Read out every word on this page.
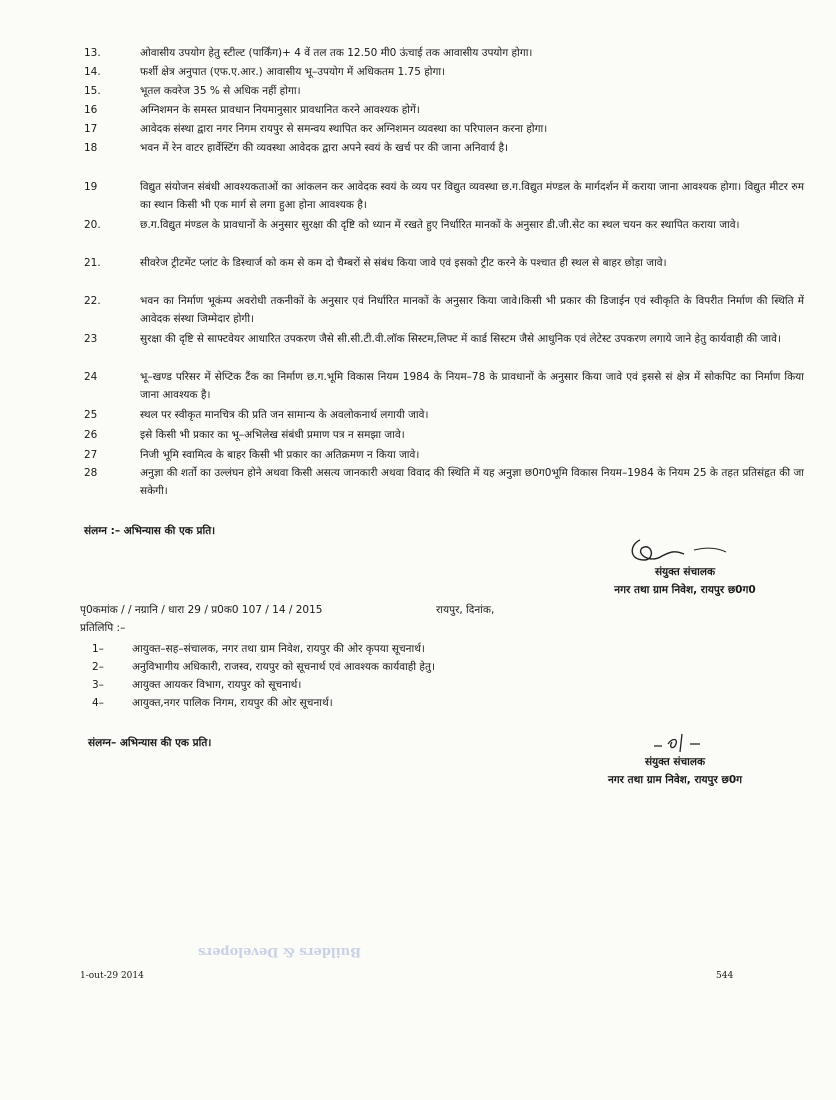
13.	ओवासीय उपयोग हेतु स्टील्ट (पार्किंग)+ 4 वें तल तक 12.50 मी0 ऊंचाई तक आवासीय उपयोग होगा।
14.	फर्शी क्षेत्र अनुपात (एफ.ए.आर.) आवासीय भू–उपयोग में अधिकतम 1.75 होगा।
15.	भूतल कवरेज 35 % से अधिक नहीं होगा।
16	अग्निशमन के समस्त प्रावधान नियमानुसार प्रावधानित करने आवश्यक होगें।
17	आवेदक संस्था द्वारा नगर निगम रायपुर से समन्वय स्थापित कर अग्निशमन व्यवस्था का परिपालन करना होगा।
18	भवन में रेन वाटर हार्वेस्टिंग की व्यवस्था आवेदक द्वारा अपने स्वयं के खर्च पर की जाना अनिवार्य है।
19	विद्युत संयोजन संबंधी आवश्यकताओं का आंकलन कर आवेदक स्वयं के व्यय पर विद्युत व्यवस्था छ.ग.विद्युत मंण्डल के मार्गदर्शन में कराया जाना आवश्यक होगा। विद्युत मीटर रुम का स्थान किसी भी एक मार्ग से लगा हुआ होना आवश्यक है।
20.	छ.ग.विद्युत मंण्डल के प्रावधानों के अनुसार सुरक्षा की दृष्टि को ध्यान में रखते हुए निर्धारित मानकों के अनुसार डी.जी.सेट का स्थल चयन कर स्थापित कराया जावे।
21.	सीवरेज ट्रीटमेंट प्लांट के डिस्चार्ज को कम से कम दो चैम्बरों से संबंध किया जावे एवं इसको ट्रीट करने के पश्चात ही स्थल से बाहर छोड़ा जावे।
22.	भवन का निर्माण भूकंम्प अवरोधी तकनीकों के अनुसार एवं निर्धारित मानकों के अनुसार किया जावे।किसी भी प्रकार की डिजाईन एवं स्वीकृति के विपरीत निर्माण की स्थिति में आवेदक संस्था जिम्मेदार होगी।
23	सुरक्षा की दृष्टि से साफ्टवेयर आधारित उपकरण जैसे सी.सी.टी.वी.लॉक सिस्टम,लिफ्ट में कार्ड सिस्टम जैसे आधुनिक एवं लेटेस्ट उपकरण लगाये जाने हेतु कार्यवाही की जावे।
24	भू–खण्ड परिसर में सेप्टिक टैंक का निर्माण छ.ग.भूमि विकास नियम 1984 के नियम–78 के प्रावधानों के अनुसार किया जावे एवं इससे सं क्षेत्र में सोकपिट का निर्माण किया जाना आवश्यक है।
25	स्थल पर स्वीकृत मानचित्र की प्रति जन सामान्य के अवलोकनार्थ लगायी जावे।
26	इसे किसी भी प्रकार का भू–अभिलेख संबंधी प्रमाण पत्र न समझा जावे।
27	निजी भूमि स्वामित्व के बाहर किसी भी प्रकार का अतिक्रमण न किया जावे।
28	अनुज्ञा की शर्तो का उल्लंघन होने अथवा किसी असत्य जानकारी अथवा विवाद की स्थिति में यह अनुज्ञा छ0ग0भूमि विकास नियम–1984 के नियम 25 के तहत प्रतिसंहृत की जा सकेगी।
संलग्न :– अभिन्यास की एक प्रति।
संयुक्त संचालक
नगर तथा ग्राम निवेश, रायपुर छ0ग0
पृ0कमांक / / नग्रानि / धारा 29 / प्र0क0 107 / 14 / 2015	रायपुर, दिनांक,
प्रतिलिपि :–
1–	आयुक्त–सह–संचालक, नगर तथा ग्राम निवेश, रायपुर की ओर कृपया सूचनार्थ।
2–	अनुविभागीय अधिकारी, राजस्व, रायपुर को सूचनार्थ एवं आवश्यक कार्यवाही हेतु।
3–	आयुक्त आयकर विभाग, रायपुर को सूचनार्थ।
4–	आयुक्त,नगर पालिक निगम, रायपुर की ओर सूचनार्थ।
संलग्न– अभिन्यास की एक प्रति।
संयुक्त संचालक
नगर तथा ग्राम निवेश, रायपुर छ0ग
Builders & Developers
1-out-29 2014	544
